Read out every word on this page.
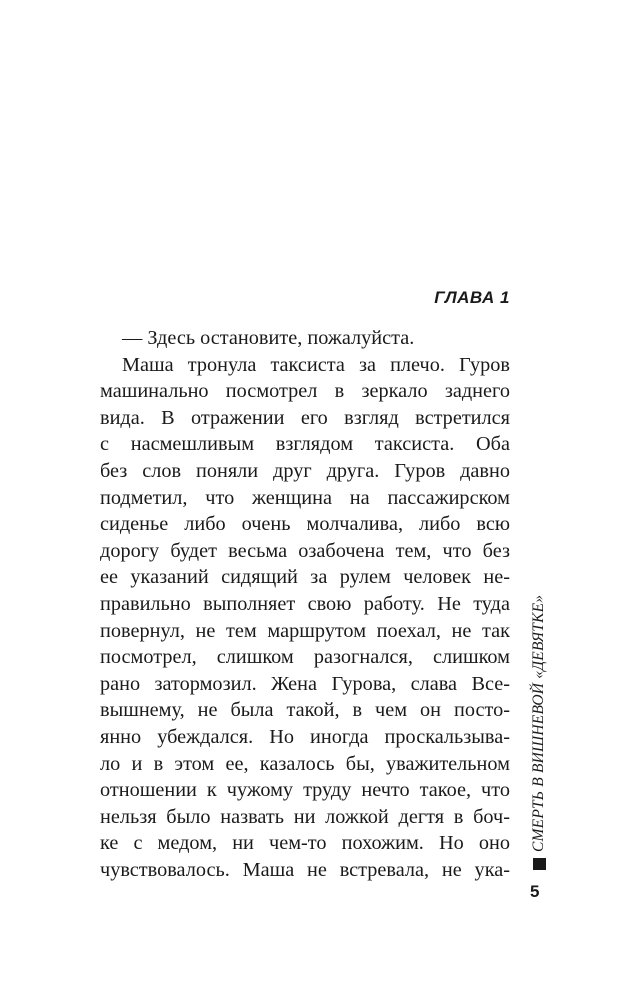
ГЛАВА 1
— Здесь остановите, пожалуйста.
Маша тронула таксиста за плечо. Гуров
машинально посмотрел в зеркало заднего
вида. В отражении его взгляд встретился
с насмешливым взглядом таксиста. Оба
без слов поняли друг друга. Гуров давно
подметил, что женщина на пассажирском
сиденье либо очень молчалива, либо всю
дорогу будет весьма озабочена тем, что без
ее указаний сидящий за рулем человек не-
правильно выполняет свою работу. Не туда
повернул, не тем маршрутом поехал, не так
посмотрел, слишком разогнался, слишком
рано затормозил. Жена Гурова, слава Все-
вышнему, не была такой, в чем он посто-
янно убеждался. Но иногда проскальзыва-
ло и в этом ее, казалось бы, уважительном
отношении к чужому труду нечто такое, что
нельзя было назвать ни ложкой дегтя в боч-
ке с медом, ни чем-то похожим. Но оно
чувствовалось. Маша не встревала, не ука-
СМЕРТЬ В ВИШНЕВОЙ «ДЕВЯТКЕ»
5
